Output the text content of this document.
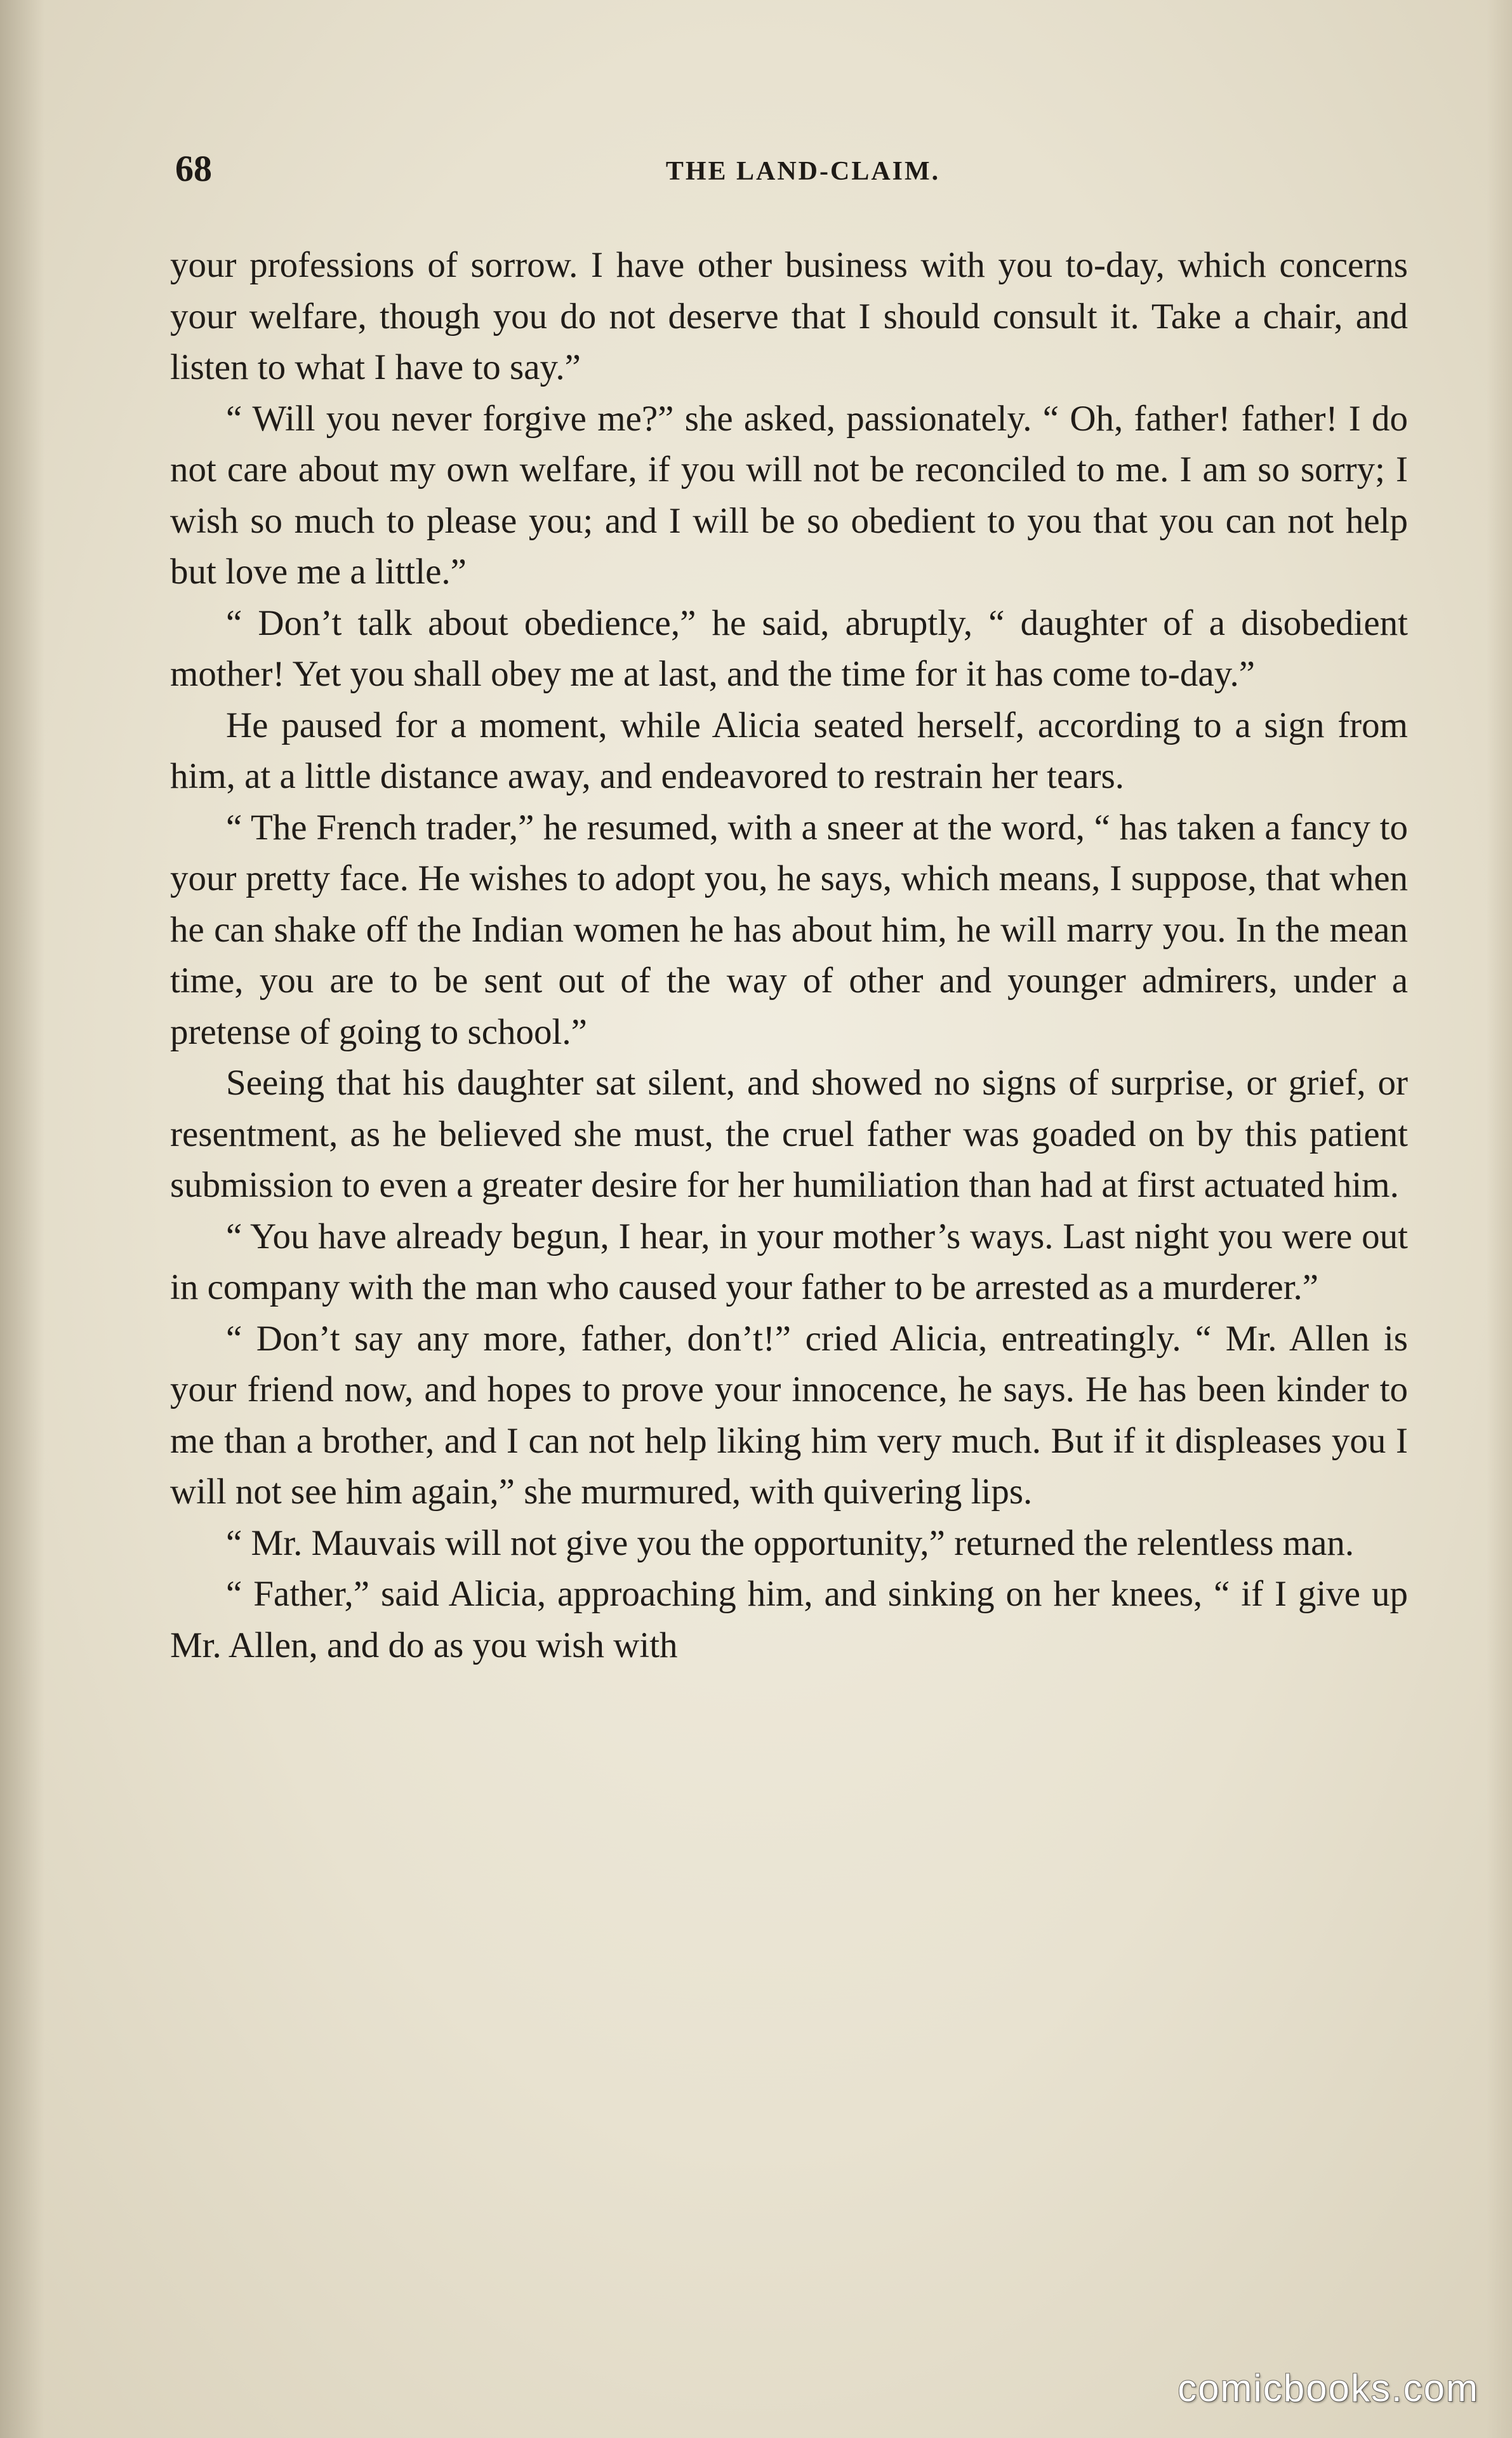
68	THE LAND-CLAIM.

your professions of sorrow. I have other business with you to-day, which concerns your welfare, though you do not deserve that I should consult it. Take a chair, and listen to what I have to say.”

“ Will you never forgive me?” she asked, passionately. “ Oh, father! father! I do not care about my own welfare, if you will not be reconciled to me. I am so sorry; I wish so much to please you; and I will be so obedient to you that you can not help but love me a little.”

“ Don’t talk about obedience,” he said, abruptly, “ daughter of a disobedient mother! Yet you shall obey me at last, and the time for it has come to-day.”

He paused for a moment, while Alicia seated herself, according to a sign from him, at a little distance away, and endeavored to restrain her tears.

“ The French trader,” he resumed, with a sneer at the word, “ has taken a fancy to your pretty face. He wishes to adopt you, he says, which means, I suppose, that when he can shake off the Indian women he has about him, he will marry you. In the mean time, you are to be sent out of the way of other and younger admirers, under a pretense of going to school.”

Seeing that his daughter sat silent, and showed no signs of surprise, or grief, or resentment, as he believed she must, the cruel father was goaded on by this patient submission to even a greater desire for her humiliation than had at first actuated him.

“ You have already begun, I hear, in your mother’s ways. Last night you were out in company with the man who caused your father to be arrested as a murderer.”

“ Don’t say any more, father, don’t!” cried Alicia, entreatingly. “ Mr. Allen is your friend now, and hopes to prove your innocence, he says. He has been kinder to me than a brother, and I can not help liking him very much. But if it displeases you I will not see him again,” she murmured, with quivering lips.

“ Mr. Mauvais will not give you the opportunity,” returned the relentless man.

“ Father,” said Alicia, approaching him, and sinking on her knees, “ if I give up Mr. Allen, and do as you wish with

comicbooks.com
